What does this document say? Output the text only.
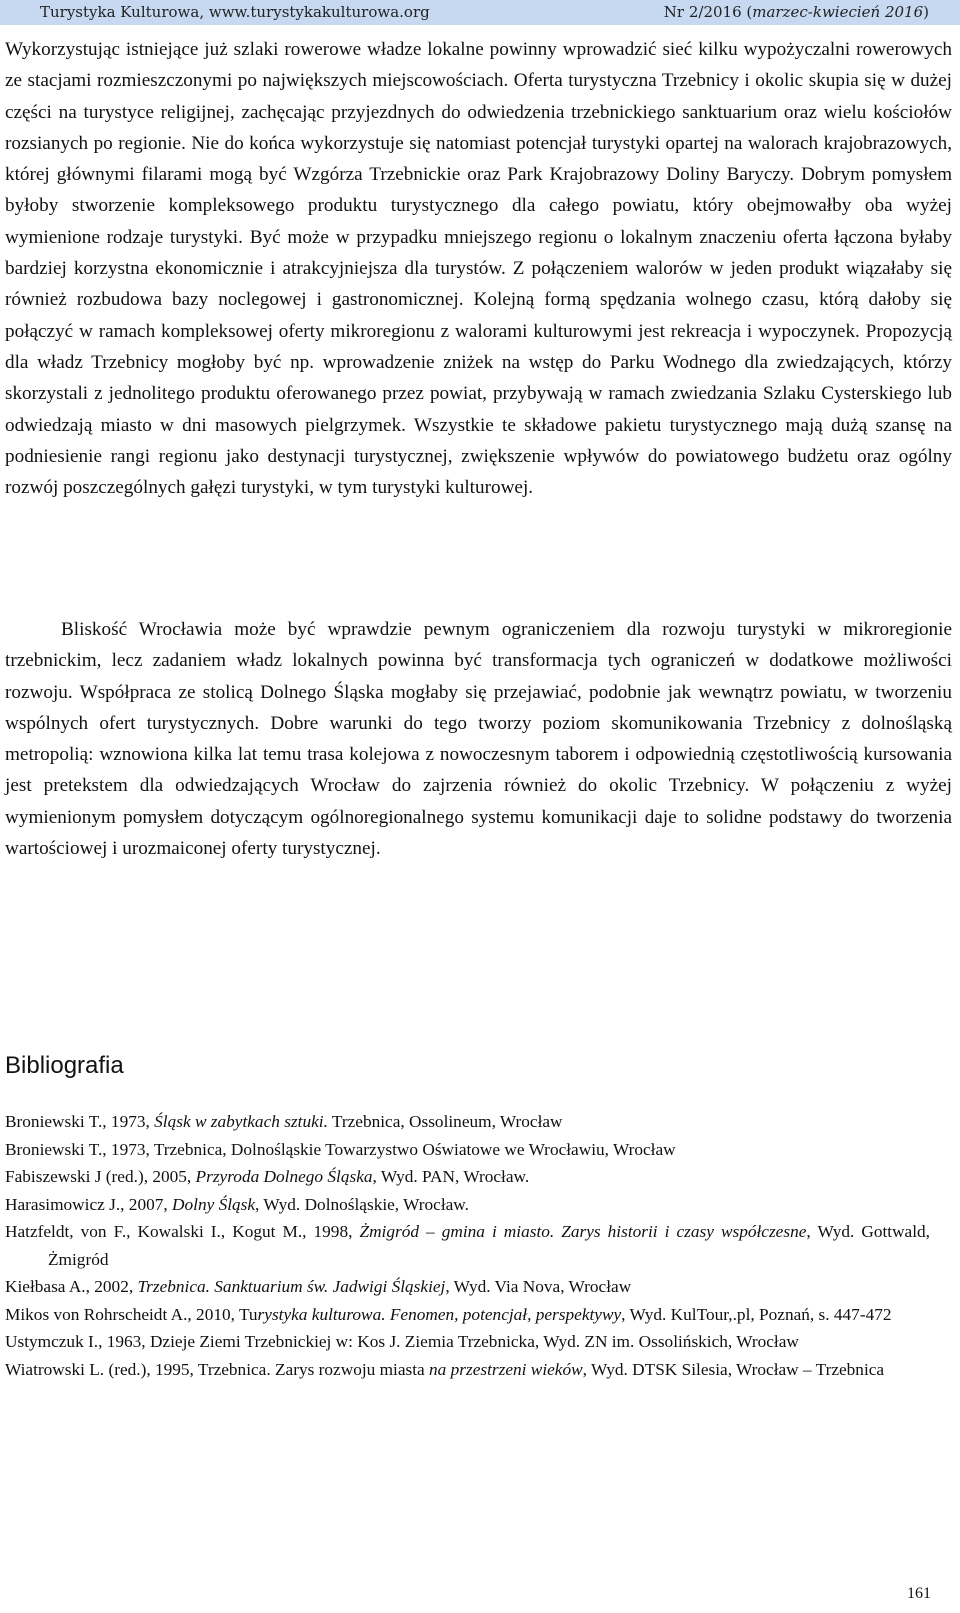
Turystyka Kulturowa, www.turystykakulturowa.org	Nr 2/2016 (marzec-kwiecień 2016)

Wykorzystując istniejące już szlaki rowerowe władze lokalne powinny wprowadzić sieć kilku wypożyczalni rowerowych ze stacjami rozmieszczonymi po największych miejscowościach. Oferta turystyczna Trzebnicy i okolic skupia się w dużej części na turystyce religijnej, zachęcając przyjezdnych do odwiedzenia trzebnickiego sanktuarium oraz wielu kościołów rozsianych po regionie. Nie do końca wykorzystuje się natomiast potencjał turystyki opartej na walorach krajobrazowych, której głównymi filarami mogą być Wzgórza Trzebnickie oraz Park Krajobrazowy Doliny Baryczy. Dobrym pomysłem byłoby stworzenie kompleksowego produktu turystycznego dla całego powiatu, który obejmowałby oba wyżej wymienione rodzaje turystyki. Być może w przypadku mniejszego regionu o lokalnym znaczeniu oferta łączona byłaby bardziej korzystna ekonomicznie i atrakcyjniejsza dla turystów. Z połączeniem walorów w jeden produkt wiązałaby się również rozbudowa bazy noclegowej i gastronomicznej. Kolejną formą spędzania wolnego czasu, którą dałoby się połączyć w ramach kompleksowej oferty mikroregionu z walorami kulturowymi jest rekreacja i wypoczynek. Propozycją dla władz Trzebnicy mogłoby być np. wprowadzenie zniżek na wstęp do Parku Wodnego dla zwiedzających, którzy skorzystali z jednolitego produktu oferowanego przez powiat, przybywają w ramach zwiedzania Szlaku Cysterskiego lub odwiedzają miasto w dni masowych pielgrzymek. Wszystkie te składowe pakietu turystycznego mają dużą szansę na podniesienie rangi regionu jako destynacji turystycznej, zwiększenie wpływów do powiatowego budżetu oraz ogólny rozwój poszczególnych gałęzi turystyki, w tym turystyki kulturowej.

Bliskość Wrocławia może być wprawdzie pewnym ograniczeniem dla rozwoju turystyki w mikroregionie trzebnickim, lecz zadaniem władz lokalnych powinna być transformacja tych ograniczeń w dodatkowe możliwości rozwoju. Współpraca ze stolicą Dolnego Śląska mogłaby się przejawiać, podobnie jak wewnątrz powiatu, w tworzeniu wspólnych ofert turystycznych. Dobre warunki do tego tworzy poziom skomunikowania Trzebnicy z dolnośląską metropolią: wznowiona kilka lat temu trasa kolejowa z nowoczesnym taborem i odpowiednią częstotliwością kursowania jest pretekstem dla odwiedzających Wrocław do zajrzenia również do okolic Trzebnicy. W połączeniu z wyżej wymienionym pomysłem dotyczącym ogólnoregionalnego systemu komunikacji daje to solidne podstawy do tworzenia wartościowej i urozmaiconej oferty turystycznej.

Bibliografia
Broniewski T., 1973, Śląsk w zabytkach sztuki. Trzebnica, Ossolineum, Wrocław
Broniewski T., 1973, Trzebnica, Dolnośląskie Towarzystwo Oświatowe we Wrocławiu, Wrocław
Fabiszewski J (red.), 2005, Przyroda Dolnego Śląska, Wyd. PAN, Wrocław.
Harasimowicz J., 2007, Dolny Śląsk, Wyd. Dolnośląskie, Wrocław.
Hatzfeldt, von F., Kowalski I., Kogut M., 1998, Żmigród – gmina i miasto. Zarys historii i czasy współczesne, Wyd. Gottwald, Żmigród
Kiełbasa A., 2002, Trzebnica. Sanktuarium św. Jadwigi Śląskiej, Wyd. Via Nova, Wrocław
Mikos von Rohrscheidt A., 2010, Turystyka kulturowa. Fenomen, potencjał, perspektywy, Wyd. KulTour,.pl, Poznań, s. 447-472
Ustymczuk I., 1963, Dzieje Ziemi Trzebnickiej w: Kos J. Ziemia Trzebnicka, Wyd. ZN im. Ossolińskich, Wrocław
Wiatrowski L. (red.), 1995, Trzebnica. Zarys rozwoju miasta na przestrzeni wieków, Wyd. DTSK Silesia, Wrocław – Trzebnica
161
